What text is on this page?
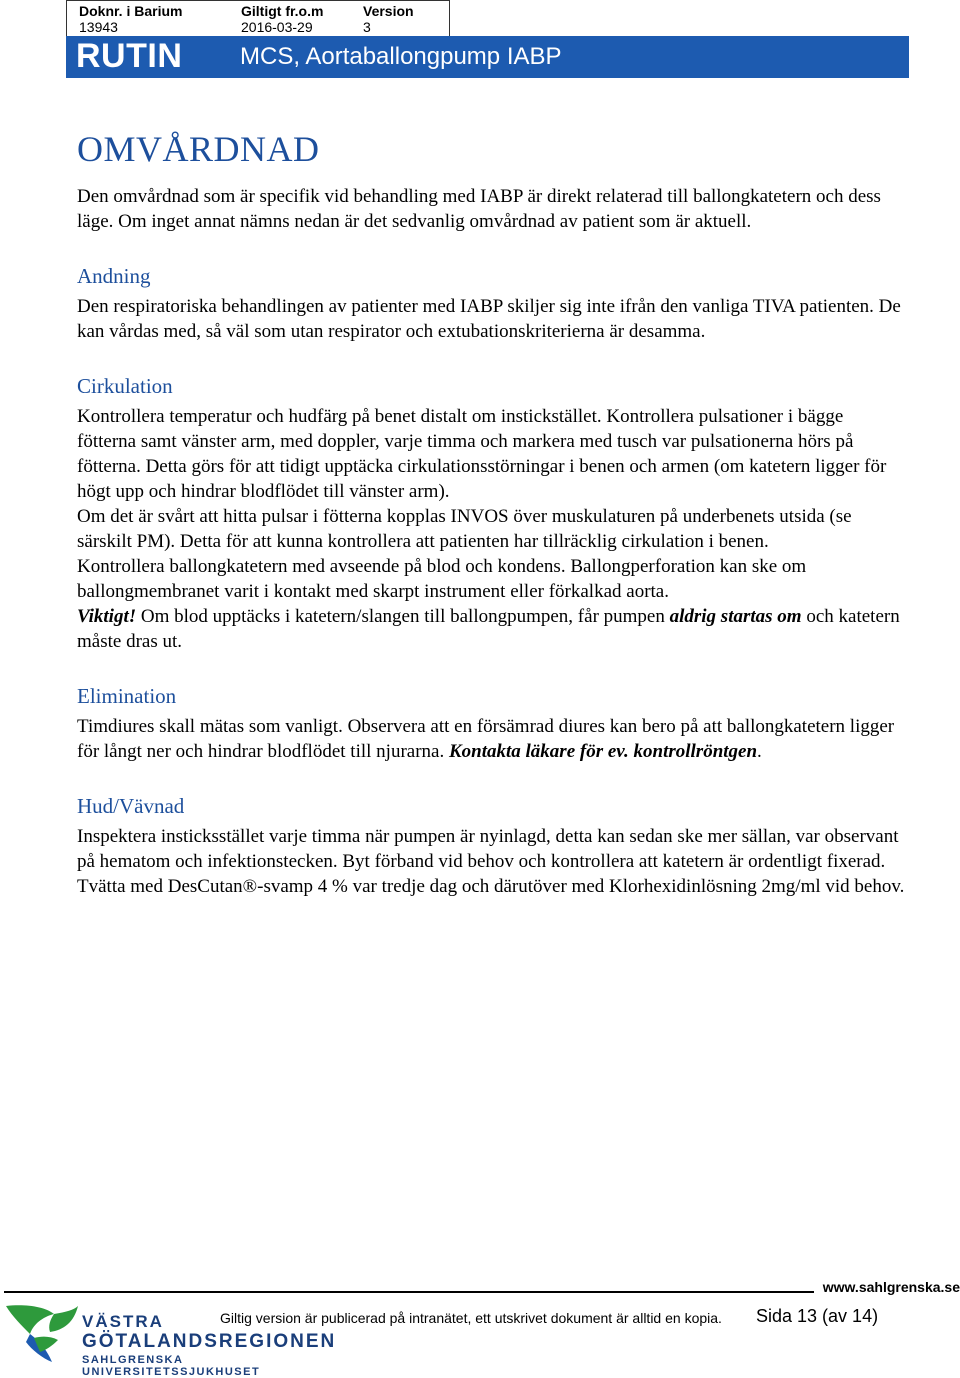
Doknr. i Barium
13943
Giltigt fr.o.m
2016-03-29
Version
3
RUTIN MCS, Aortaballongpump IABP
OMVÅRDNAD

Den omvårdnad som är specifik vid behandling med IABP är direkt relaterad till ballongkatetern och dess läge. Om inget annat nämns nedan är det sedvanlig omvårdnad av patient som är aktuell.

Andning

Den respiratoriska behandlingen av patienter med IABP skiljer sig inte ifrån den vanliga TIVA patienten. De kan vårdas med, så väl som utan respirator och extubationskriterierna är desamma.

Cirkulation

Kontrollera temperatur och hudfärg på benet distalt om instickstället. Kontrollera pulsationer i bägge fötterna samt vänster arm, med doppler, varje timma och markera med tusch var pulsationerna hörs på fötterna. Detta görs för att tidigt upptäcka cirkulationsstörningar i benen och armen (om katetern ligger för högt upp och hindrar blodflödet till vänster arm).

Om det är svårt att hitta pulsar i fötterna kopplas INVOS över muskulaturen på underbenets utsida (se särskilt PM). Detta för att kunna kontrollera att patienten har tillräcklig cirkulation i benen.

Kontrollera ballongkatetern med avseende på blod och kondens. Ballongperforation kan ske om ballongmembranet varit i kontakt med skarpt instrument eller förkalkad aorta.

Viktigt! Om blod upptäcks i katetern/slangen till ballongpumpen, får pumpen aldrig startas om och katetern måste dras ut.

Elimination

Timdiures skall mätas som vanligt. Observera att en försämrad diures kan bero på att ballongkatetern ligger för långt ner och hindrar blodflödet till njurarna. Kontakta läkare för ev. kontrollröntgen.

Hud/Vävnad

Inspektera insticksstället varje timma när pumpen är nyinlagd, detta kan sedan ske mer sällan, var observant på hematom och infektionstecken. Byt förband vid behov och kontrollera att katetern är ordentligt fixerad. Tvätta med DesCutan®-svamp 4 % var tredje dag och därutöver med Klorhexidinlösning 2mg/ml vid behov.

www.sahlgrenska.se
VÄSTRA
GÖTALANDSREGIONEN
SAHLGRENSKA UNIVERSITETSSJUKHUSET
Giltig version är publicerad på intranätet, ett utskrivet dokument är alltid en kopia. Sida 13 (av 14)
